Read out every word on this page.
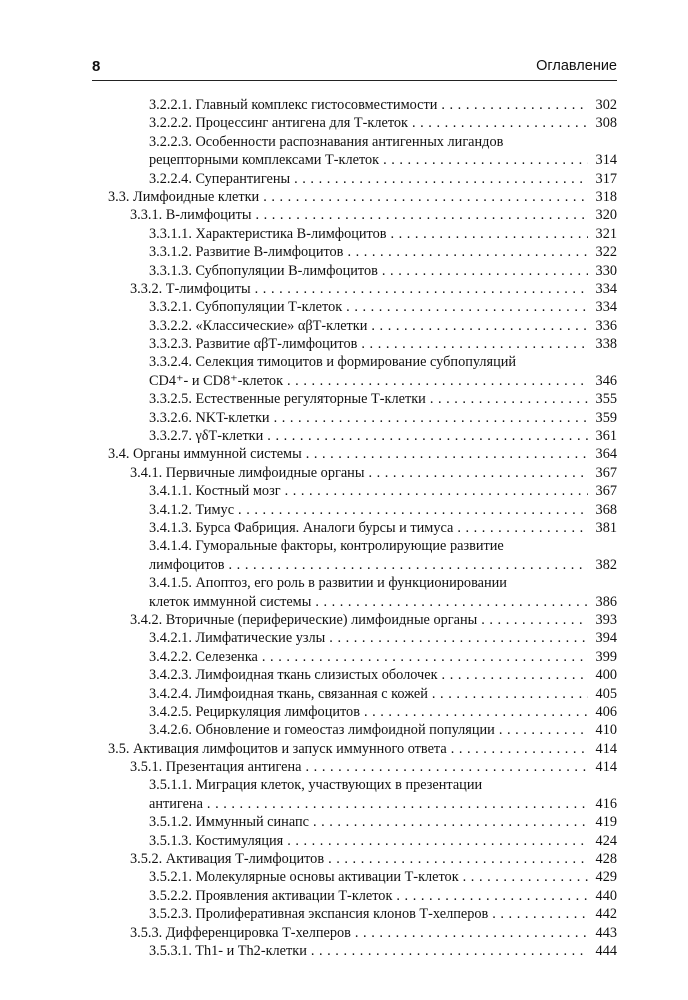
8	Оглавление
3.2.2.1. Главный комплекс гистосовместимости . . .	302
3.2.2.2. Процессинг антигена для Т-клеток . . .	308
3.2.2.3. Особенности распознавания антигенных лигандов
рецепторными комплексами Т-клеток . . .	314
3.2.2.4. Суперантигены . . .	317
3.3. Лимфоидные клетки . . .	318
3.3.1. В-лимфоциты . . .	320
3.3.1.1. Характеристика В-лимфоцитов . . .	321
3.3.1.2. Развитие В-лимфоцитов . . .	322
3.3.1.3. Субпопуляции В-лимфоцитов . . .	330
3.3.2. Т-лимфоциты . . .	334
3.3.2.1. Субпопуляции Т-клеток . . .	334
3.3.2.2. «Классические» αβТ-клетки . . .	336
3.3.2.3. Развитие αβТ-лимфоцитов . . .	338
3.3.2.4. Селекция тимоцитов и формирование субпопуляций
CD4⁺- и CD8⁺-клеток . . .	346
3.3.2.5. Естественные регуляторные Т-клетки . . .	355
3.3.2.6. NKT-клетки . . .	359
3.3.2.7. γδТ-клетки . . .	361
3.4. Органы иммунной системы . . .	364
3.4.1. Первичные лимфоидные органы . . .	367
3.4.1.1. Костный мозг . . .	367
3.4.1.2. Тимус . . .	368
3.4.1.3. Бурса Фабриция. Аналоги бурсы и тимуса . . .	381
3.4.1.4. Гуморальные факторы, контролирующие развитие
лимфоцитов . . .	382
3.4.1.5. Апоптоз, его роль в развитии и функционировании
клеток иммунной системы . . .	386
3.4.2. Вторичные (периферические) лимфоидные органы . . .	393
3.4.2.1. Лимфатические узлы . . .	394
3.4.2.2. Селезенка . . .	399
3.4.2.3. Лимфоидная ткань слизистых оболочек . . .	400
3.4.2.4. Лимфоидная ткань, связанная с кожей . . .	405
3.4.2.5. Рециркуляция лимфоцитов . . .	406
3.4.2.6. Обновление и гомеостаз лимфоидной популяции . . .	410
3.5. Активация лимфоцитов и запуск иммунного ответа . . .	414
3.5.1. Презентация антигена . . .	414
3.5.1.1. Миграция клеток, участвующих в презентации
антигена . . .	416
3.5.1.2. Иммунный синапс . . .	419
3.5.1.3. Костимуляция . . .	424
3.5.2. Активация Т-лимфоцитов . . .	428
3.5.2.1. Молекулярные основы активации Т-клеток . . .	429
3.5.2.2. Проявления активации Т-клеток . . .	440
3.5.2.3. Пролиферативная экспансия клонов Т-хелперов . . .	442
3.5.3. Дифференцировка Т-хелперов . . .	443
3.5.3.1. Th1- и Th2-клетки . . .	444
